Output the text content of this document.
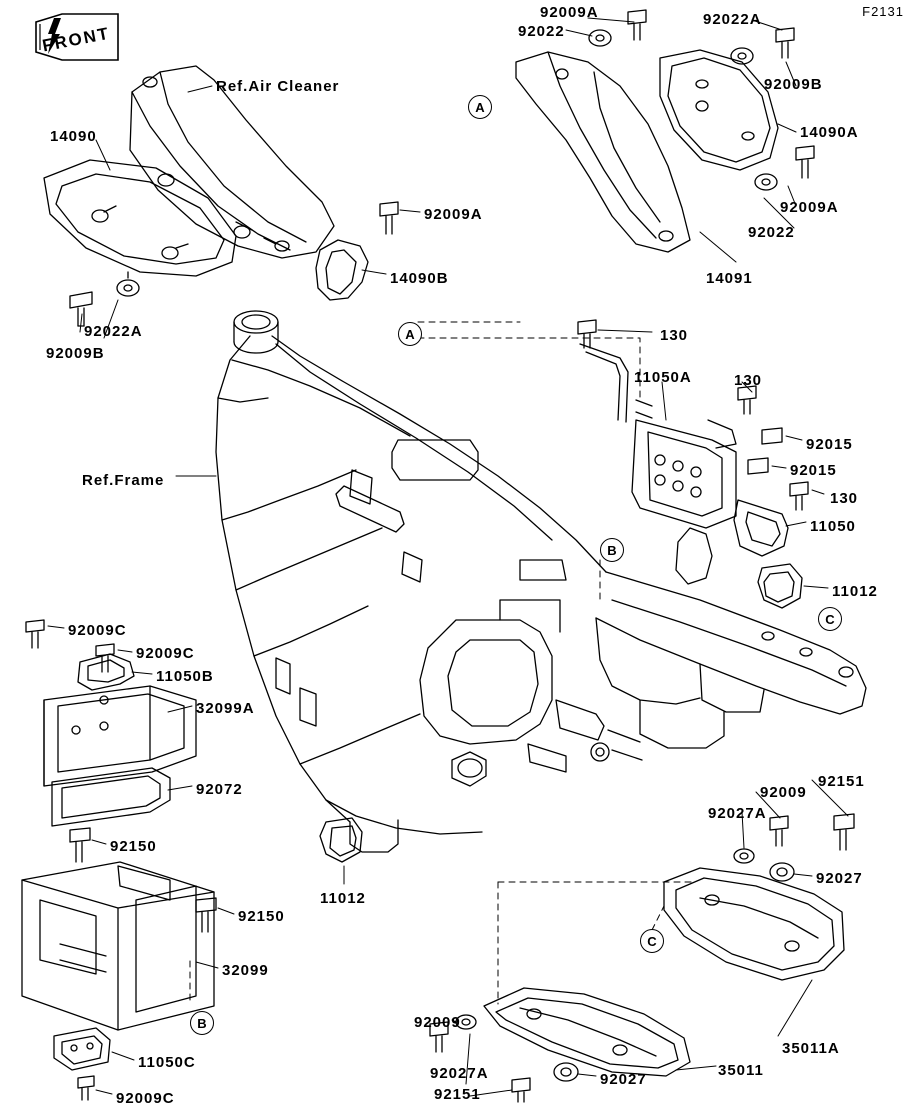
F2131
FRONT
Ref.Air Cleaner
Ref.Frame
A
A
B
B
C
C
92009A	92022A
92022
92009B
14090	14090A
92009A	92009A
92022
14091
14090B
92022A
92009B
130
11050A	130
92015
92015
130
11050
11012
92009C
92009C
11050B
32099A
92072
92150
92150
32099
11012
11050C
92009C
92151
92009
92027A
92027
35011A
92009
35011
92027
92027A
92151
